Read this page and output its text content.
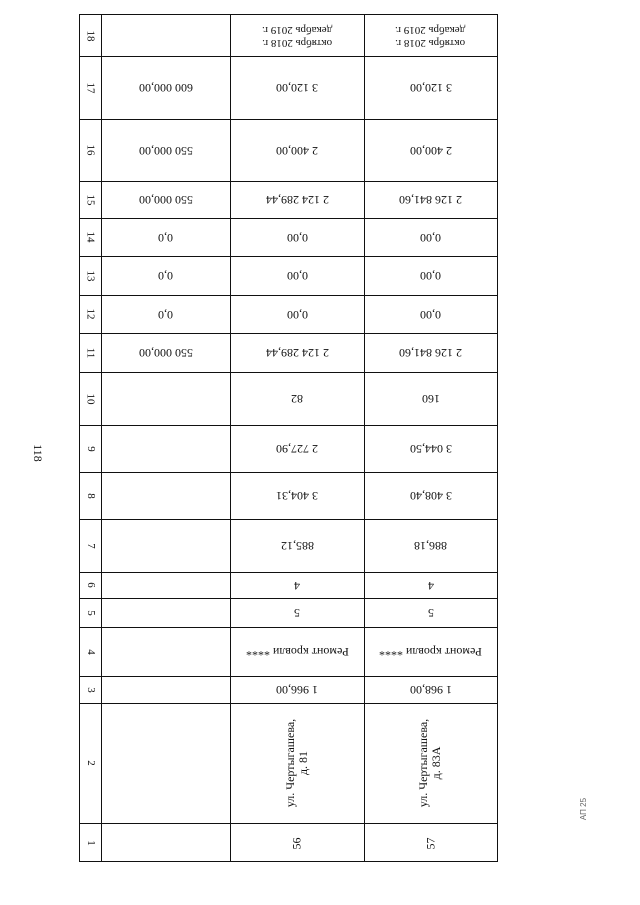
118
18
17
16
15
14
13
12
11
10
9
8
7
6
5
4
3
2
1
600 000,00
550 000,00
550 000,00
0,0
0,0
0,0
550 000,00
октябрь 2018 г.
декабрь 2019 г.
3 120,00
2 400,00
2 124 289,44
0,00
0,00
0,00
2 124 289,44
82
2 727,90
3 404,31
885,12
4
5
Ремонт кровли ****
1 966,00
ул. Чертыгашева,
д. 81
56
октябрь 2018 г.
декабрь 2019 г.
3 120,00
2 400,00
2 126 841,60
0,00
0,00
0,00
2 126 841,60
160
3 044,50
3 408,40
886,18
4
5
Ремонт кровли ****
1 968,00
ул. Чертыгашева,
д. 83А
57
АП 25
